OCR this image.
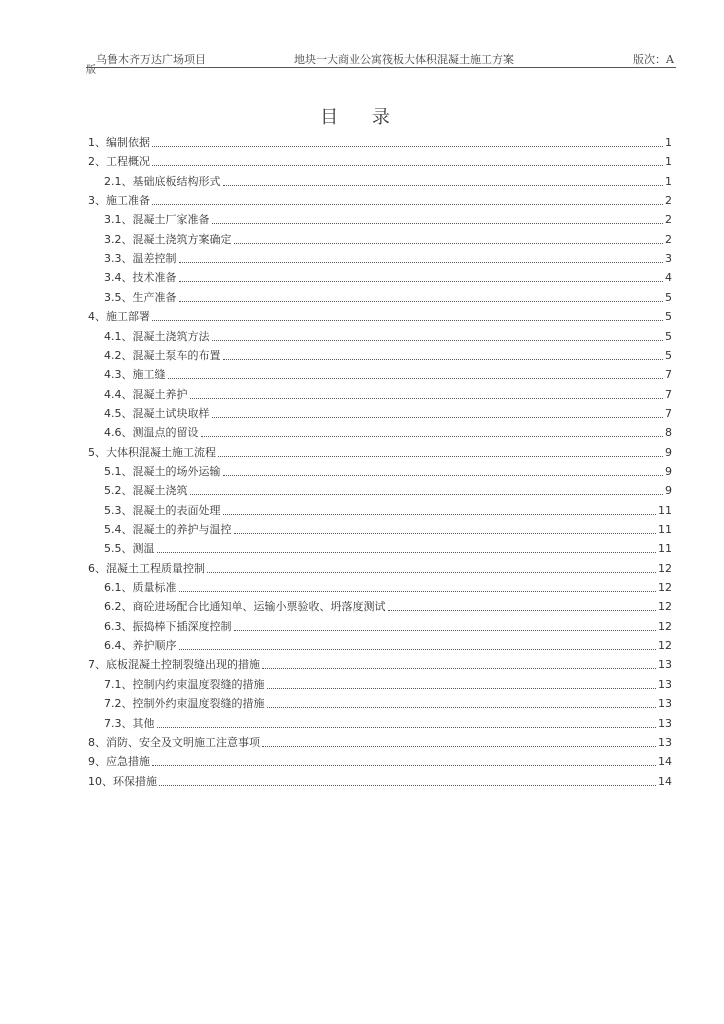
乌鲁木齐万达广场项目	地块一大商业公寓筏板大体积混凝土施工方案	版次：A
版
目 录
1、编制依据	1
2、工程概况	1
2.1、基础底板结构形式	1
3、施工准备	2
3.1、混凝土厂家准备	2
3.2、混凝土浇筑方案确定	2
3.3、温差控制	3
3.4、技术准备	4
3.5、生产准备	5
4、施工部署	5
4.1、混凝土浇筑方法	5
4.2、混凝土泵车的布置	5
4.3、施工缝	7
4.4、混凝土养护	7
4.5、混凝土试块取样	7
4.6、测温点的留设	8
5、大体积混凝土施工流程	9
5.1、混凝土的场外运输	9
5.2、混凝土浇筑	9
5.3、混凝土的表面处理	11
5.4、混凝土的养护与温控	11
5.5、测温	11
6、混凝土工程质量控制	12
6.1、质量标准	12
6.2、商砼进场配合比通知单、运输小票验收、坍落度测试	12
6.3、振捣棒下插深度控制	12
6.4、养护顺序	12
7、底板混凝土控制裂缝出现的措施	13
7.1、控制内约束温度裂缝的措施	13
7.2、控制外约束温度裂缝的措施	13
7.3、其他	13
8、消防、安全及文明施工注意事项	13
9、应急措施	14
10、环保措施	14
